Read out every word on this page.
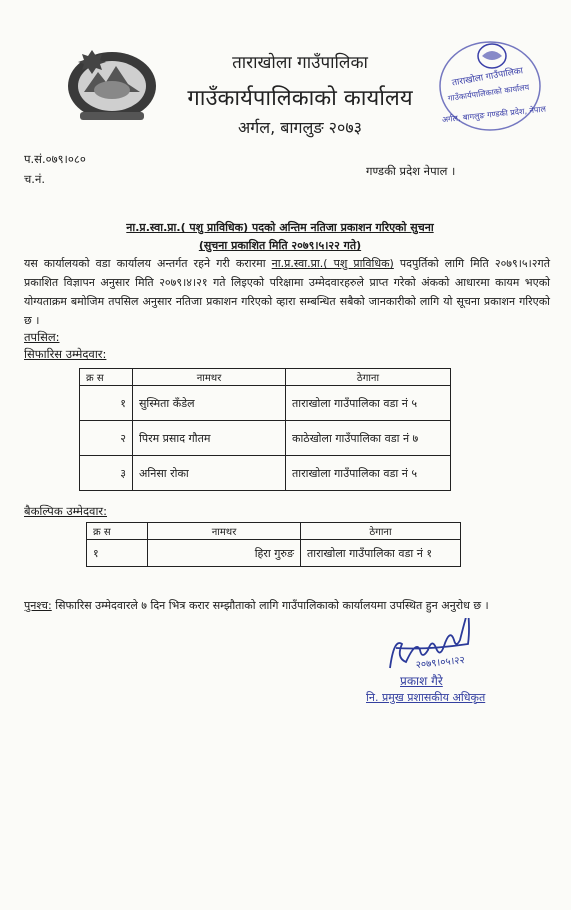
ताराखोला गाउँपालिका
गाउँकार्यपालिकाको कार्यालय
अर्गल, बागलुङ २०७३
ताराखोला गाउँपालिका
गाउँकार्यपालिकाको कार्यालय
अर्गल, बागलुङ गण्डकी प्रदेश, नेपाल
प.सं.०७९।०८०
च.नं.
गण्डकी प्रदेश नेपाल ।
ना.प्र.स्वा.प्रा.( पशु प्राविधिक) पदको अन्तिम नतिजा प्रकाशन गरिएको सुचना
(सुचना प्रकाशित मिति २०७९।५।२२ गते)
यस कार्यालयको वडा कार्यालय अन्तर्गत रहने गरी करारमा ना.प्र.स्वा.प्रा.( पशु प्राविधिक) पदपुर्तिको लागि मिति २०७९।५।२गते प्रकाशित विज्ञापन अनुसार मिति २०७९।४।२१ गते लिइएको परिक्षामा उम्मेदवारहरुले प्राप्त गरेको अंकको आधारमा कायम भएको योग्यताक्रम बमोजिम तपसिल अनुसार नतिजा प्रकाशन गरिएको व्हारा सम्बन्धित सबैको जानकारीको लागि यो सूचना प्रकाशन गरिएको छ ।
तपसिल:
सिफारिस उम्मेदवार:
क्र स	नामथर	ठेगाना
१	सुस्मिता कँडेल	ताराखोला गाउँपालिका वडा नं ५
२	पिरम प्रसाद गौतम	काठेखोला गाउँपालिका वडा नं ७
३	अनिसा रोका	ताराखोला गाउँपालिका वडा नं ५
बैकल्पिक उम्मेदवार:
क्र स	नामथर	ठेगाना
१	हिरा गुरुङ	ताराखोला गाउँपालिका वडा नं १
पुनश्च: सिफारिस उम्मेदवारले ७ दिन भित्र करार सम्झौताको लागि गाउँपालिकाको कार्यालयमा उपस्थित हुन अनुरोध छ ।
२०७९।०५।२२
प्रकाश गैरे
नि. प्रमुख प्रशासकीय अधिकृत
